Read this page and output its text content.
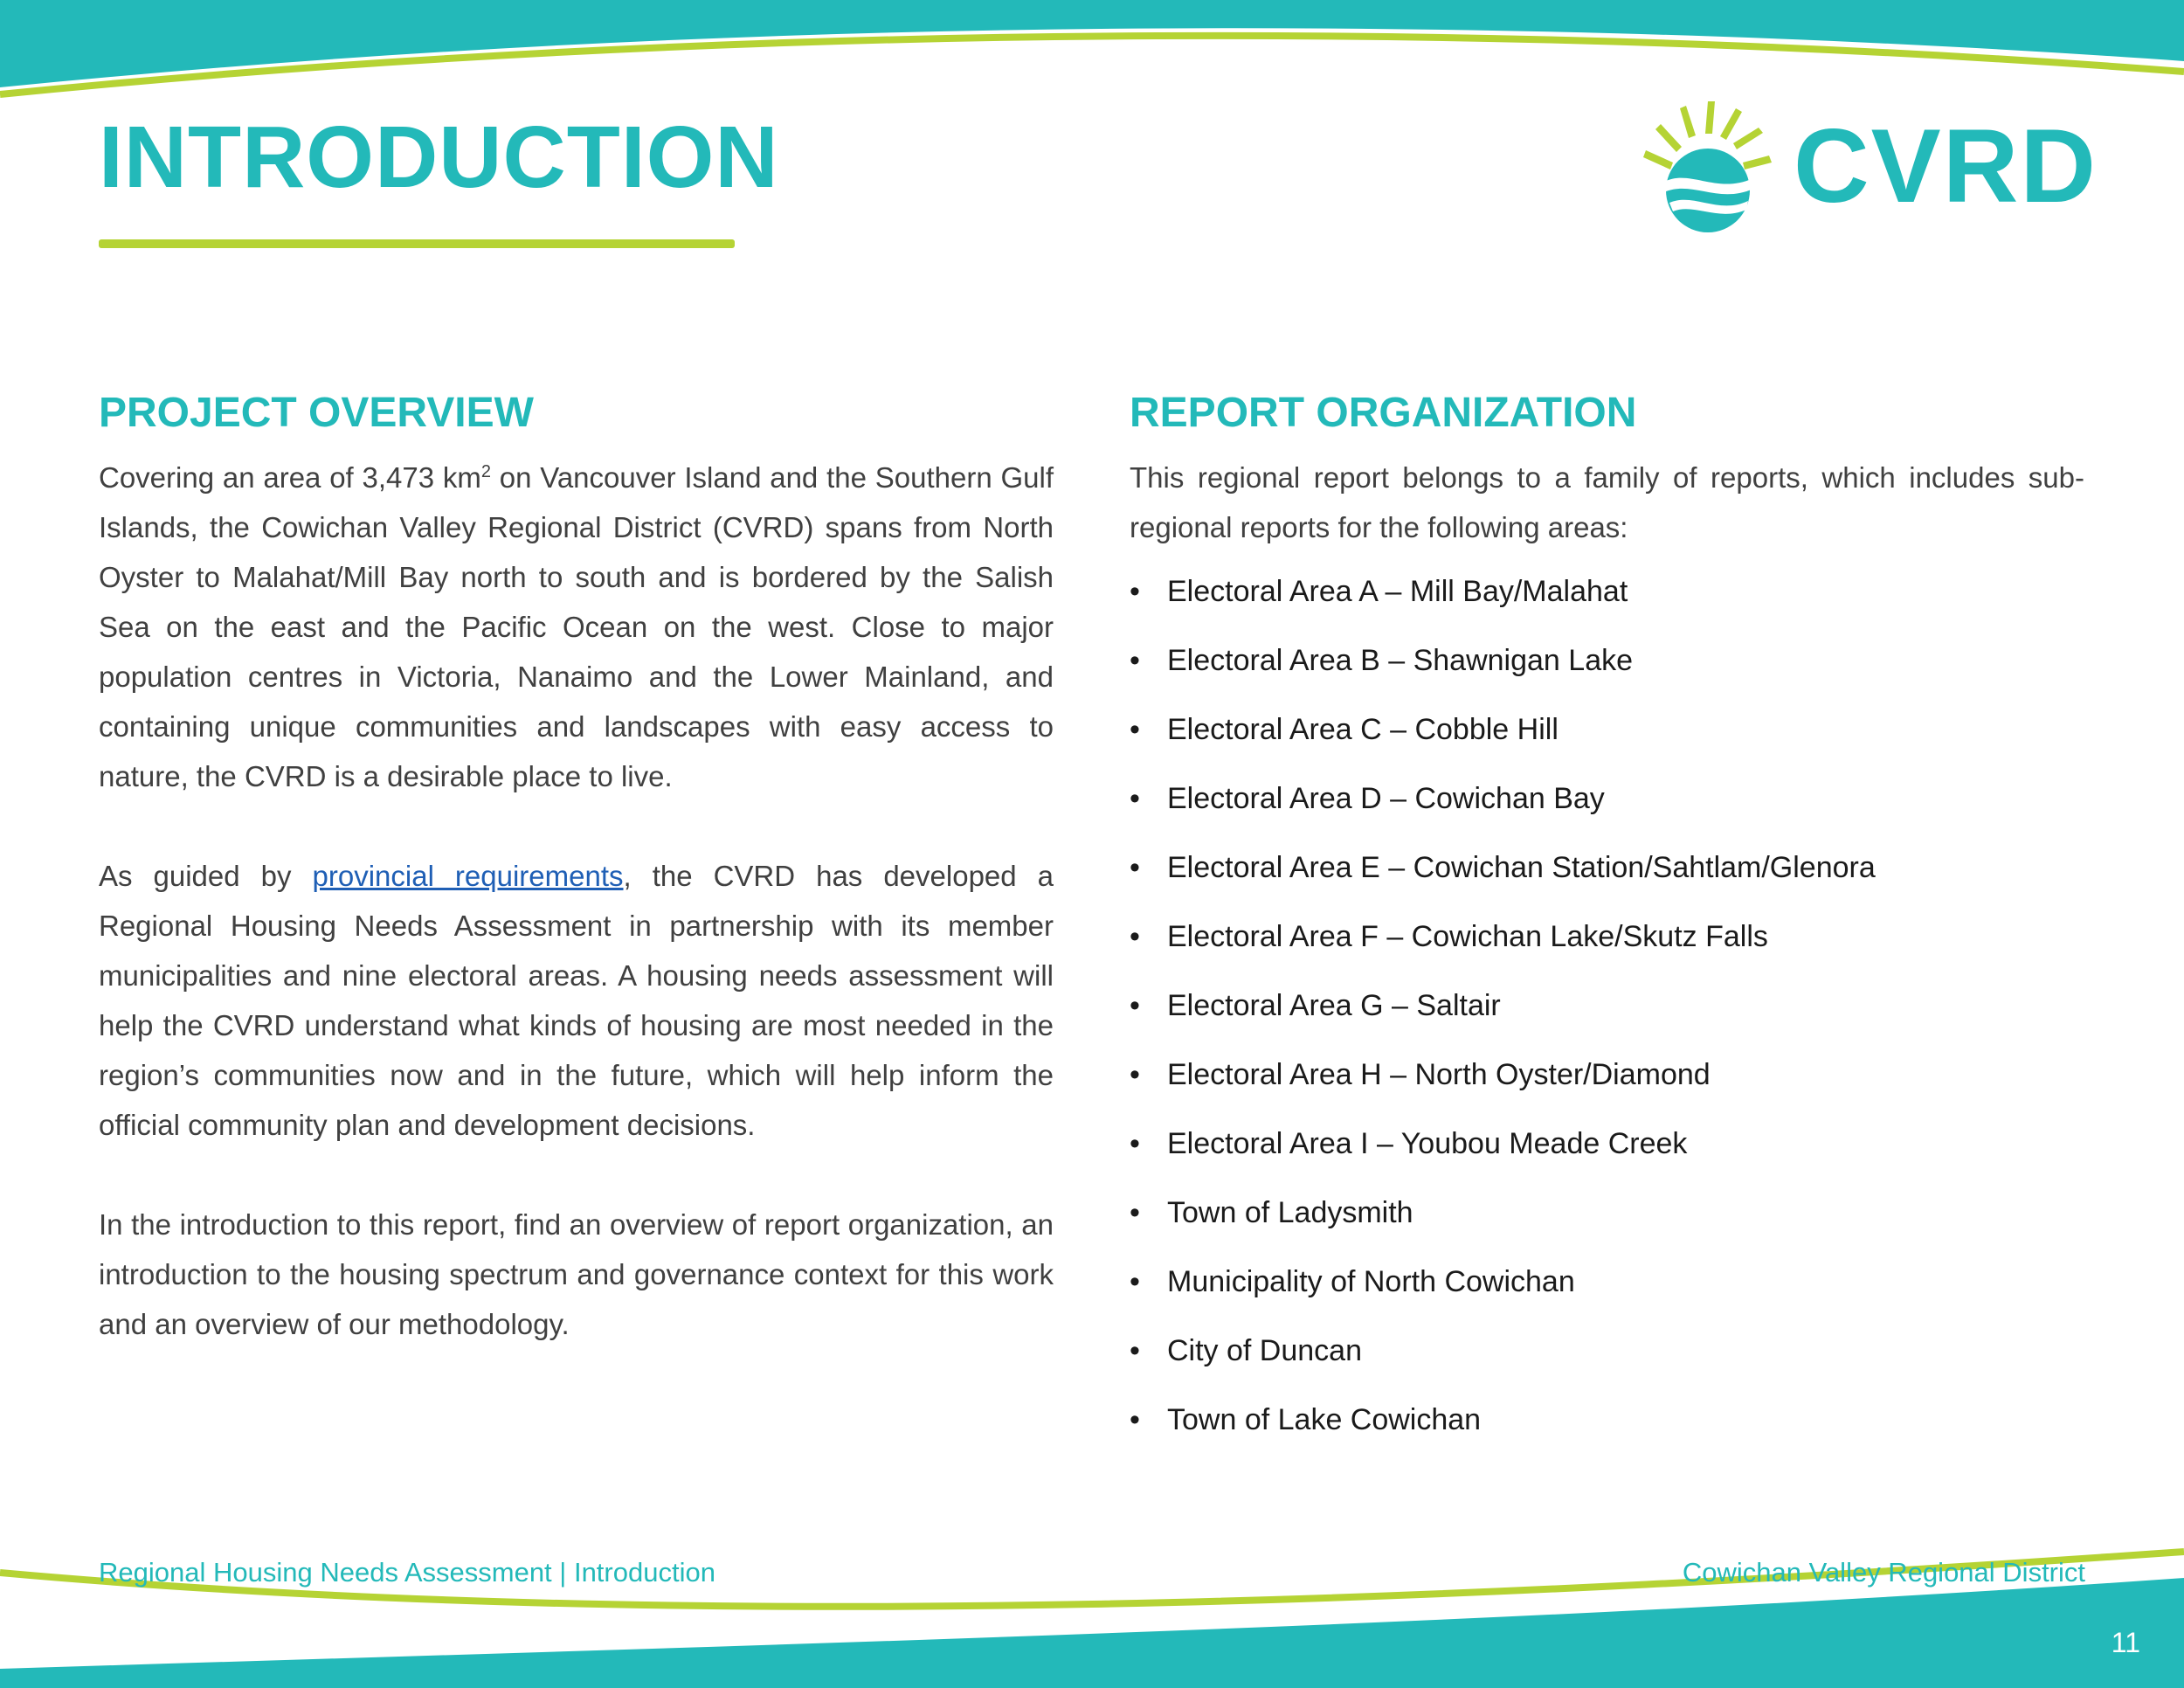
INTRODUCTION	CVRD
PROJECT OVERVIEW

Covering an area of 3,473 $km^2$ on Vancouver Island and the Southern Gulf Islands, the Cowichan Valley Regional District (CVRD) spans from North Oyster to Malahat/Mill Bay north to south and is bordered by the Salish Sea on the east and the Pacific Ocean on the west. Close to major population centres in Victoria, Nanaimo and the Lower Mainland, and containing unique communities and landscapes with easy access to nature, the CVRD is a desirable place to live.

As guided by provincial requirements, the CVRD has developed a Regional Housing Needs Assessment in partnership with its member municipalities and nine electoral areas. A housing needs assessment will help the CVRD understand what kinds of housing are most needed in the region’s communities now and in the future, which will help inform the official community plan and development decisions.

In the introduction to this report, find an overview of report organization, an introduction to the housing spectrum and governance context for this work and an overview of our methodology.

REPORT ORGANIZATION

This regional report belongs to a family of reports, which includes sub-regional reports for the following areas:

• Electoral Area A – Mill Bay/Malahat
• Electoral Area B – Shawnigan Lake
• Electoral Area C – Cobble Hill
• Electoral Area D – Cowichan Bay
• Electoral Area E – Cowichan Station/Sahtlam/Glenora
• Electoral Area F – Cowichan Lake/Skutz Falls
• Electoral Area G – Saltair
• Electoral Area H – North Oyster/Diamond
• Electoral Area I – Youbou Meade Creek
• Town of Ladysmith
• Municipality of North Cowichan
• City of Duncan
• Town of Lake Cowichan
Regional Housing Needs Assessment | Introduction	Cowichan Valley Regional District
11
